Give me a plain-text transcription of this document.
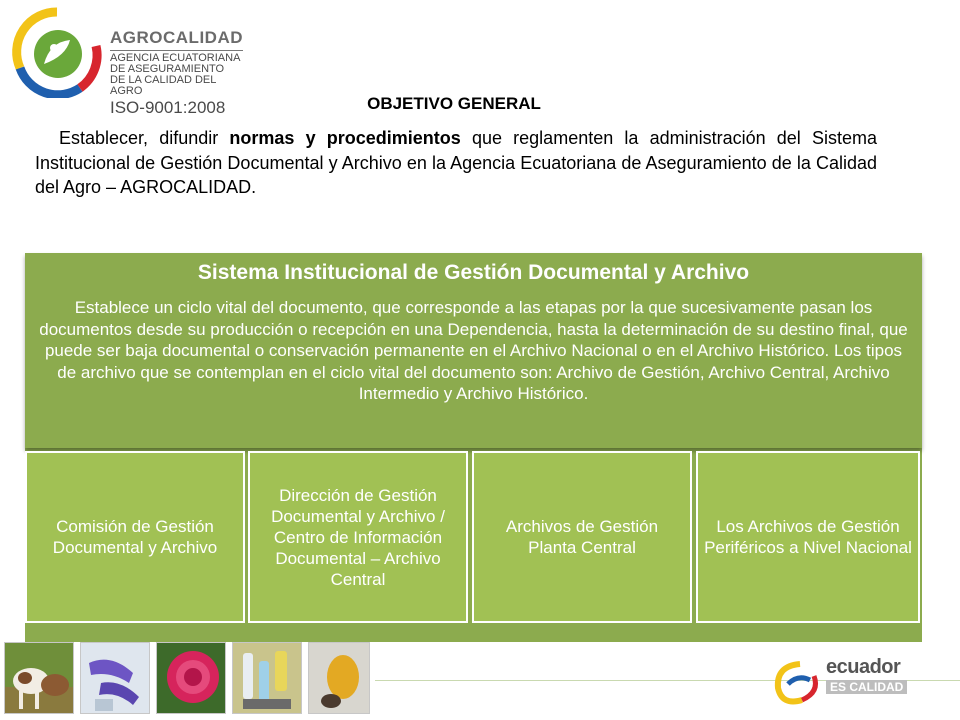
AGROCALIDAD
AGENCIA ECUATORIANA
DE ASEGURAMIENTO
DE LA CALIDAD DEL AGRO
ISO-9001:2008	OBJETIVO GENERAL
Establecer, difundir normas y procedimientos que reglamenten la administración del Sistema Institucional de Gestión Documental y Archivo en la Agencia Ecuatoriana de Aseguramiento de la Calidad del Agro – AGROCALIDAD.
Sistema Institucional de Gestión Documental y Archivo
Establece un ciclo vital del documento, que corresponde a las etapas por la que sucesivamente pasan los documentos desde su producción o recepción en una Dependencia, hasta la determinación de su destino final, que puede ser baja documental o conservación permanente en el Archivo Nacional o en el Archivo Histórico. Los tipos de archivo que se contemplan en el ciclo vital del documento son: Archivo de Gestión, Archivo Central, Archivo Intermedio y Archivo Histórico.
Comisión de Gestión Documental y Archivo
Dirección de Gestión Documental y Archivo / Centro de Información Documental – Archivo Central
Archivos de Gestión Planta Central
Los Archivos de Gestión Periféricos a Nivel Nacional
ecuador
ES CALIDAD
